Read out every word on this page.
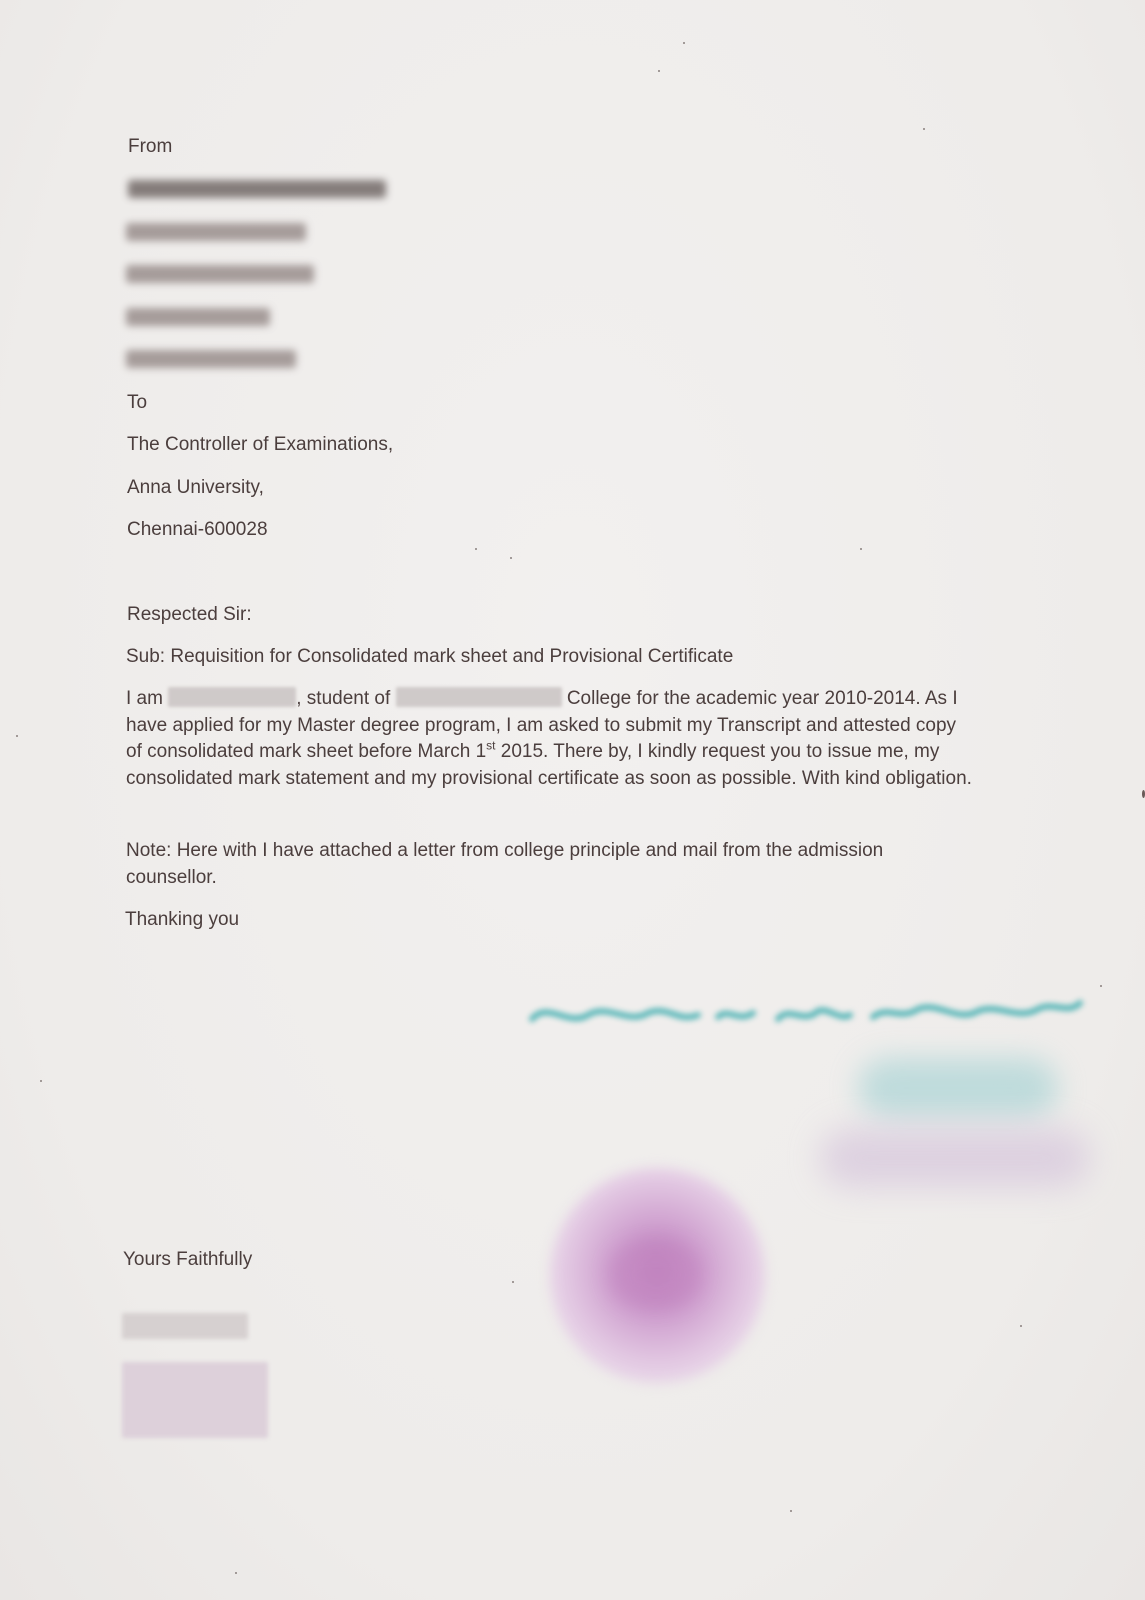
From
To
The Controller of Examinations,
Anna University,
Chennai-600028
Respected Sir:
Sub: Requisition for Consolidated mark sheet and Provisional Certificate
I am	, student of	College for the academic year 2010-2014. As I have applied for my Master degree program, I am asked to submit my Transcript and attested copy of consolidated mark sheet before March 1st 2015. There by, I kindly request you to issue me, my consolidated mark statement and my provisional certificate as soon as possible. With kind obligation.
Note: Here with I have attached a letter from college principle and mail from the admission counsellor.
Thanking you
Yours Faithfully
